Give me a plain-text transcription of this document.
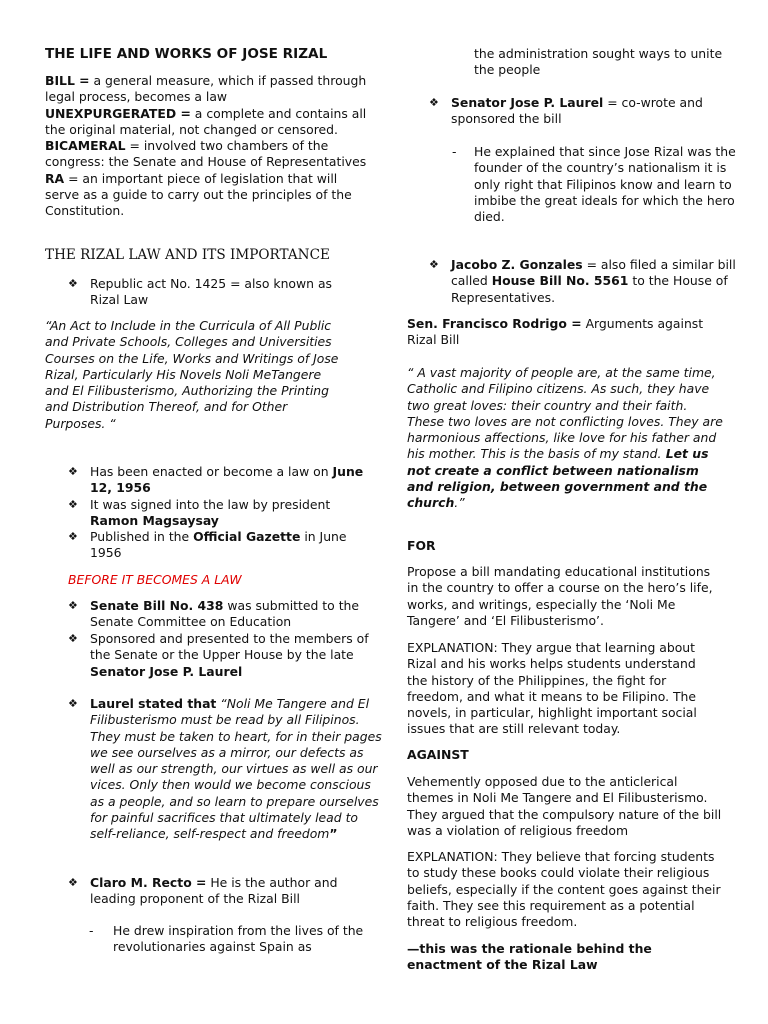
THE LIFE AND WORKS OF JOSE RIZAL

BILL = a general measure, which if passed through legal process, becomes a law

UNEXPURGERATED = a complete and contains all the original material, not changed or censored.

BICAMERAL = involved two chambers of the congress: the Senate and House of Representatives

RA = an important piece of legislation that will serve as a guide to carry out the principles of the Constitution.

THE RIZAL LAW AND ITS IMPORTANCE
❖ Republic act No. 1425 = also known as Rizal Law
“An Act to Include in the Curricula of All Public and Private Schools, Colleges and Universities Courses on the Life, Works and Writings of Jose Rizal, Particularly His Novels Noli MeTangere and El Filibusterismo, Authorizing the Printing and Distribution Thereof, and for Other Purposes. “
❖ Has been enacted or become a law on June 12, 1956
❖ It was signed into the law by president Ramon Magsaysay
❖ Published in the Official Gazette in June 1956
BEFORE IT BECOMES A LAW
❖ Senate Bill No. 438 was submitted to the Senate Committee on Education
❖ Sponsored and presented to the members of the Senate or the Upper House by the late Senator Jose P. Laurel
❖ Laurel stated that “Noli Me Tangere and El Filibusterismo must be read by all Filipinos. They must be taken to heart, for in their pages we see ourselves as a mirror, our defects as well as our strength, our virtues as well as our vices. Only then would we become conscious as a people, and so learn to prepare ourselves for painful sacrifices that ultimately lead to self-reliance, self-respect and freedom”
❖ Claro M. Recto = He is the author and leading proponent of the Rizal Bill
- He drew inspiration from the lives of the revolutionaries against Spain as
the administration sought ways to unite the people
❖ Senator Jose P. Laurel = co-wrote and sponsored the bill
- He explained that since Jose Rizal was the founder of the country’s nationalism it is only right that Filipinos know and learn to imbibe the great ideals for which the hero died.
❖ Jacobo Z. Gonzales = also filed a similar bill called House Bill No. 5561 to the House of Representatives.
Sen. Francisco Rodrigo = Arguments against Rizal Bill
“ A vast majority of people are, at the same time, Catholic and Filipino citizens. As such, they have two great loves: their country and their faith. These two loves are not conflicting loves. They are harmonious affections, like love for his father and his mother. This is the basis of my stand. Let us not create a conflict between nationalism and religion, between government and the church.”
FOR
Propose a bill mandating educational institutions in the country to offer a course on the hero’s life, works, and writings, especially the ‘Noli Me Tangere’ and ‘El Filibusterismo’.
EXPLANATION: They argue that learning about Rizal and his works helps students understand the history of the Philippines, the fight for freedom, and what it means to be Filipino. The novels, in particular, highlight important social issues that are still relevant today.
AGAINST
Vehemently opposed due to the anticlerical themes in Noli Me Tangere and El Filibusterismo. They argued that the compulsory nature of the bill was a violation of religious freedom
EXPLANATION: They believe that forcing students to study these books could violate their religious beliefs, especially if the content goes against their faith. They see this requirement as a potential threat to religious freedom.
—this was the rationale behind the enactment of the Rizal Law
